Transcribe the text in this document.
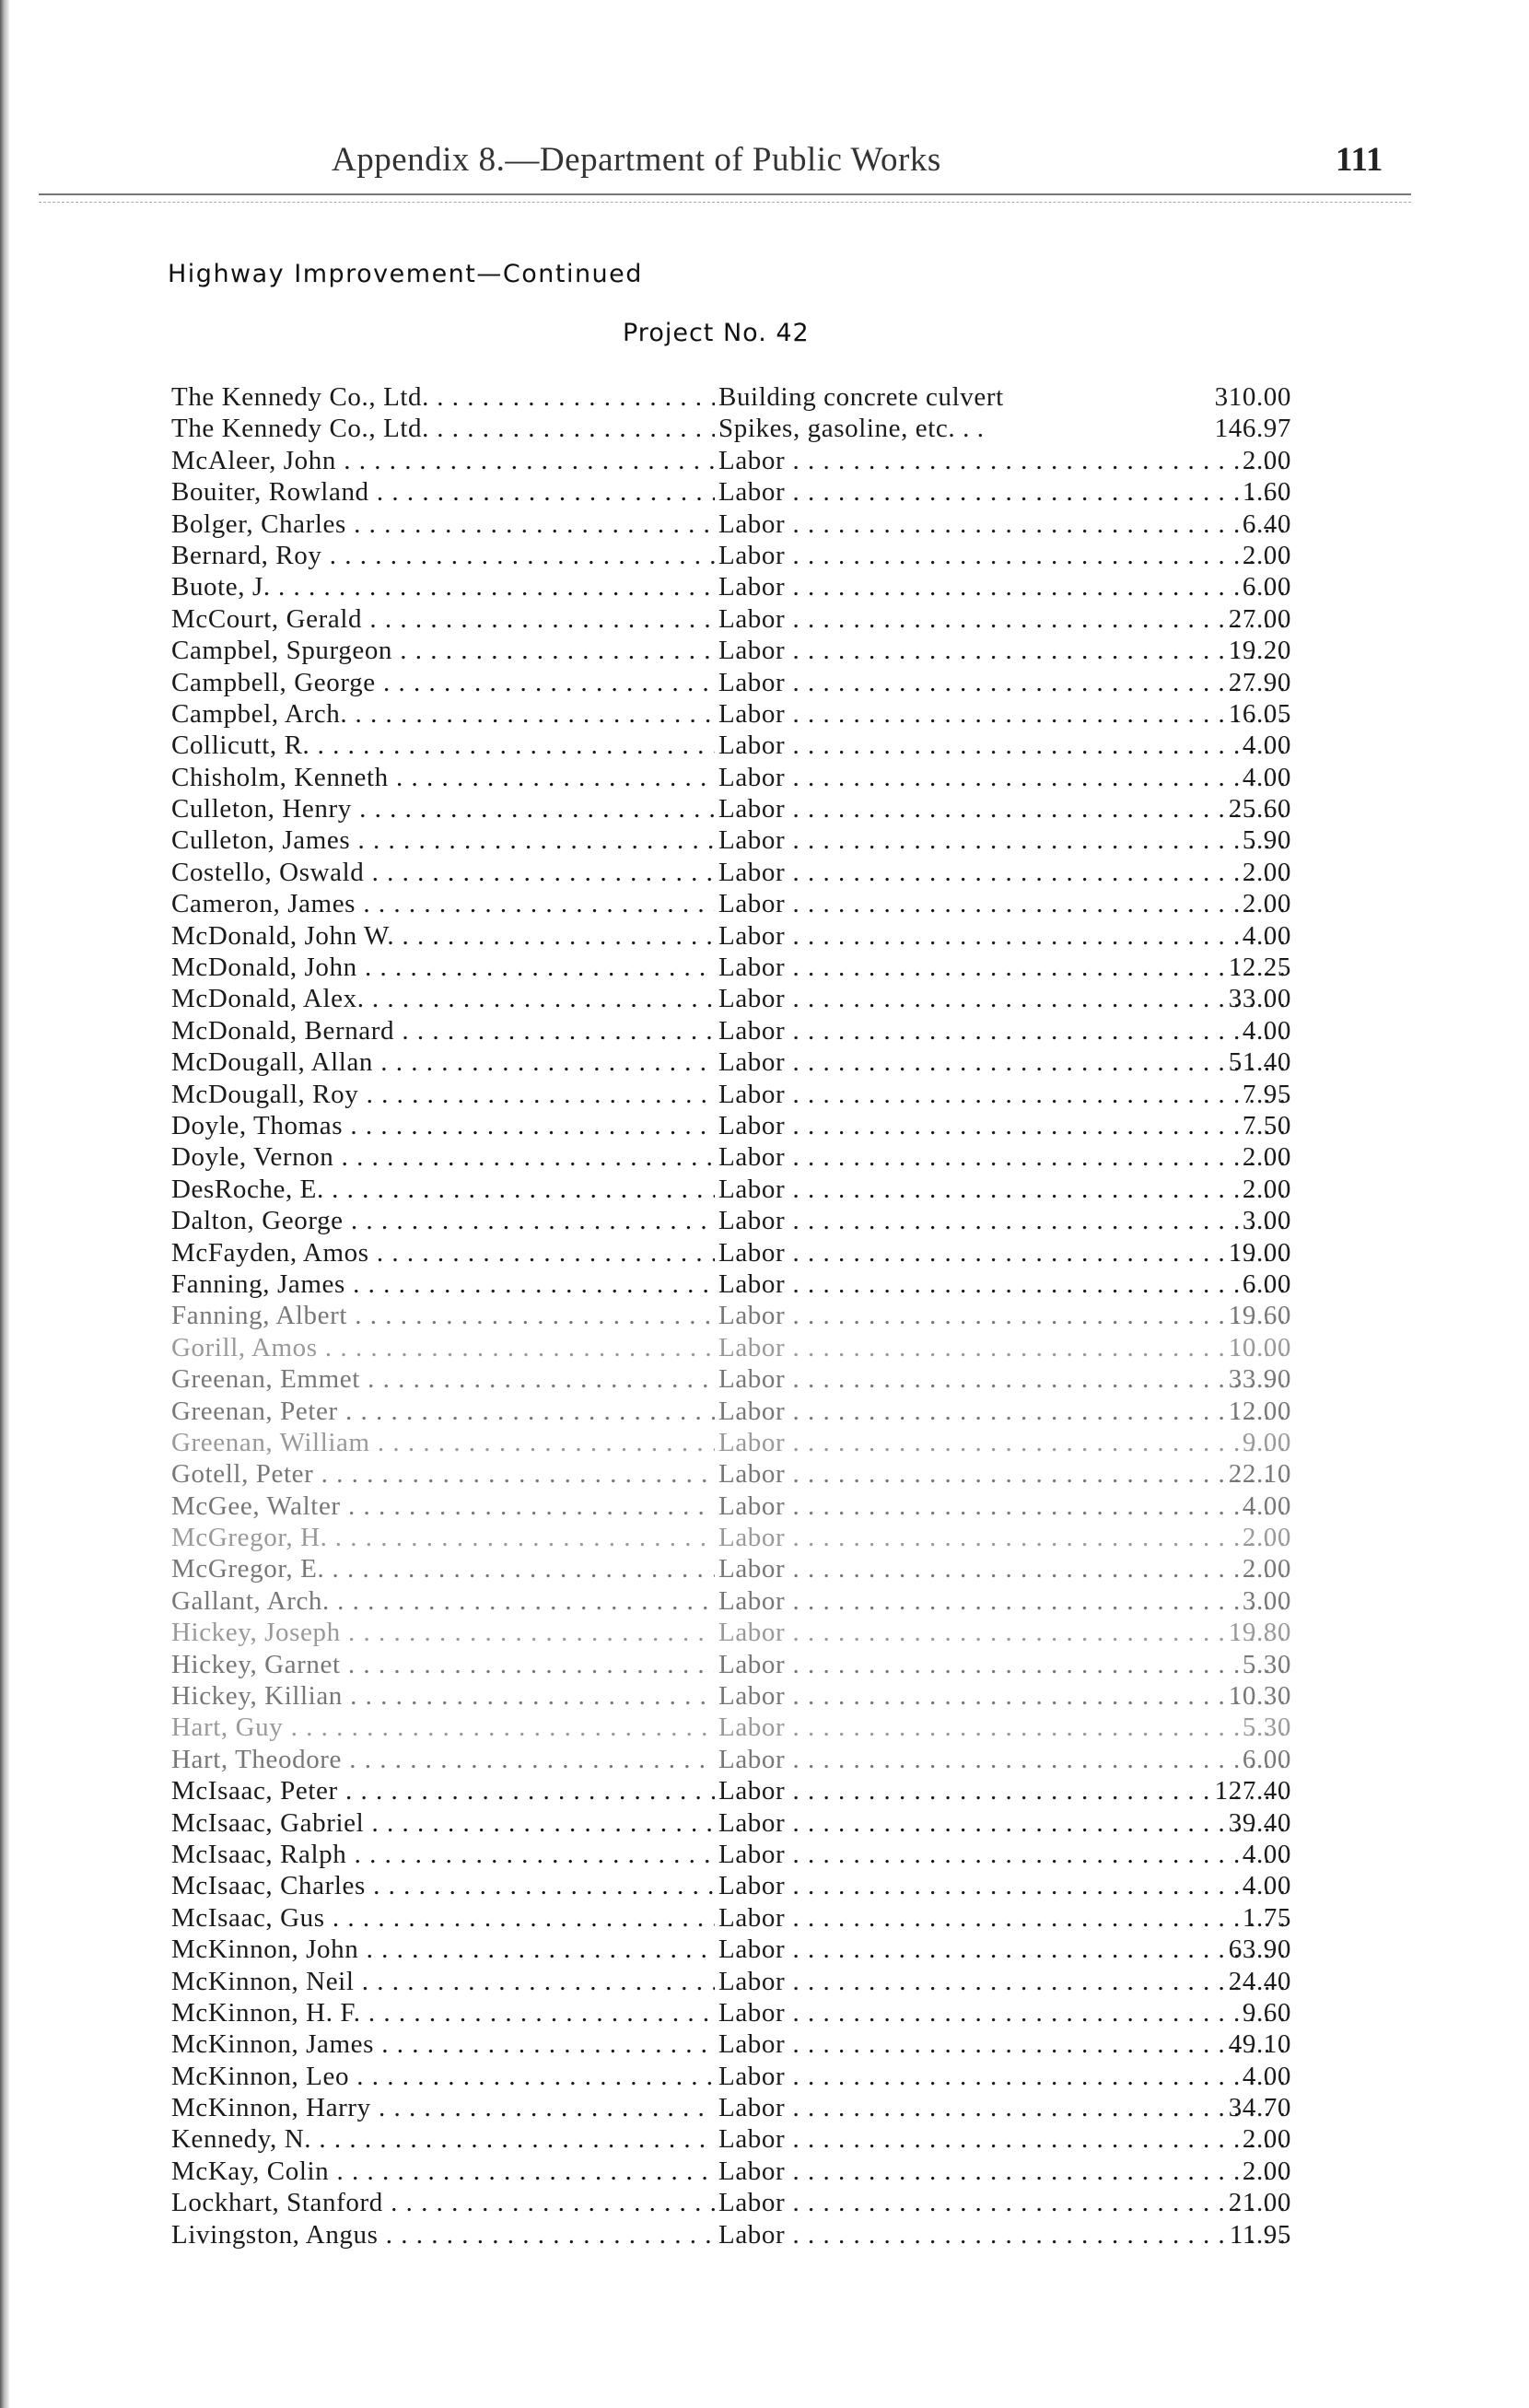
Appendix 8.—Department of Public Works	111
Highway Improvement—Continued
Project No. 42
The Kennedy Co., Ltd. . . .	Building concrete culvert	310.00
The Kennedy Co., Ltd. . . .	Spikes, gasoline, etc. . .	146.97
McAleer, John . . .	Labor . . .	2.00
Bouiter, Rowland . . .	Labor . . .	1.60
Bolger, Charles . . .	Labor . . .	6.40
Bernard, Roy . . .	Labor . . .	2.00
Buote, J. . . .	Labor . . .	6.00
McCourt, Gerald . . .	Labor . . .	27.00
Campbel, Spurgeon . . .	Labor . . .	19.20
Campbell, George . . .	Labor . . .	27.90
Campbel, Arch. . . .	Labor . . .	16.05
Collicutt, R. . . .	Labor . . .	4.00
Chisholm, Kenneth . . .	Labor . . .	4.00
Culleton, Henry . . .	Labor . . .	25.60
Culleton, James . . .	Labor . . .	5.90
Costello, Oswald . . .	Labor . . .	2.00
Cameron, James . . .	Labor . . .	2.00
McDonald, John W. . . .	Labor . . .	4.00
McDonald, John . . .	Labor . . .	12.25
McDonald, Alex. . . .	Labor . . .	33.00
McDonald, Bernard . . .	Labor . . .	4.00
McDougall, Allan . . .	Labor . . .	51.40
McDougall, Roy . . .	Labor . . .	7.95
Doyle, Thomas . . .	Labor . . .	7.50
Doyle, Vernon . . .	Labor . . .	2.00
DesRoche, E. . . .	Labor . . .	2.00
Dalton, George . . .	Labor . . .	3.00
McFayden, Amos . . .	Labor . . .	19.00
Fanning, James . . .	Labor . . .	6.00
Fanning, Albert . . .	Labor . . .	19.60
Gorill, Amos . . .	Labor . . .	10.00
Greenan, Emmet . . .	Labor . . .	33.90
Greenan, Peter . . .	Labor . . .	12.00
Greenan, William . . .	Labor . . .	9.00
Gotell, Peter . . .	Labor . . .	22.10
McGee, Walter . . .	Labor . . .	4.00
McGregor, H. . . .	Labor . . .	2.00
McGregor, E. . . .	Labor . . .	2.00
Gallant, Arch. . . .	Labor . . .	3.00
Hickey, Joseph . . .	Labor . . .	19.80
Hickey, Garnet . . .	Labor . . .	5.30
Hickey, Killian . . .	Labor . . .	10.30
Hart, Guy . . .	Labor . . .	5.30
Hart, Theodore . . .	Labor . . .	6.00
McIsaac, Peter . . .	Labor . . .	127.40
McIsaac, Gabriel . . .	Labor . . .	39.40
McIsaac, Ralph . . .	Labor . . .	4.00
McIsaac, Charles . . .	Labor . . .	4.00
McIsaac, Gus . . .	Labor . . .	1.75
McKinnon, John . . .	Labor . . .	63.90
McKinnon, Neil . . .	Labor . . .	24.40
McKinnon, H. F. . . .	Labor . . .	9.60
McKinnon, James . . .	Labor . . .	49.10
McKinnon, Leo . . .	Labor . . .	4.00
McKinnon, Harry . . .	Labor . . .	34.70
Kennedy, N. . . .	Labor . . .	2.00
McKay, Colin . . .	Labor . . .	2.00
Lockhart, Stanford . . .	Labor . . .	21.00
Livingston, Angus . . .	Labor . . .	11.95
